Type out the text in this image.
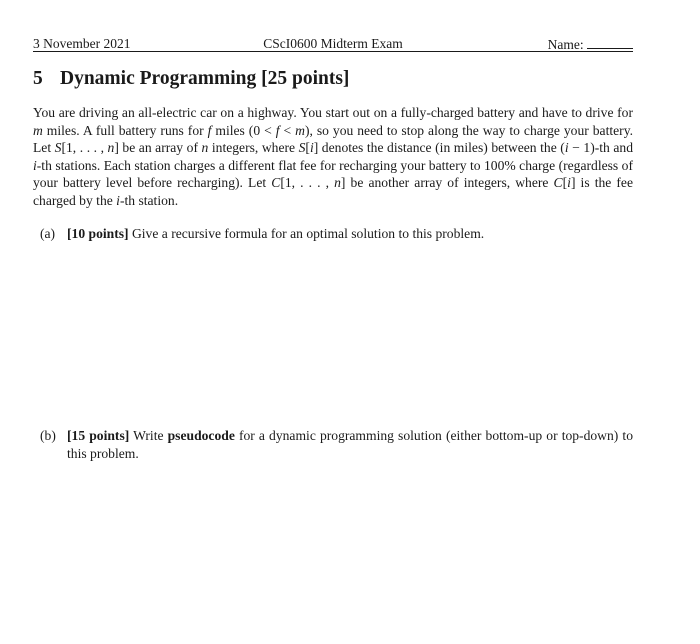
3 November 2021	CScI0600 Midterm Exam	Name:
5 Dynamic Programming [25 points]

You are driving an all-electric car on a highway. You start out on a fully-charged battery and have to drive for m miles. A full battery runs for f miles (0 < f < m), so you need to stop along the way to charge your battery. Let S[1, . . . , n] be an array of n integers, where S[i] denotes the distance (in miles) between the (i − 1)-th and i-th stations. Each station charges a different flat fee for recharging your battery to 100% charge (regardless of your battery level before recharging). Let C[1, . . . , n] be another array of integers, where C[i] is the fee charged by the i-th station.

(a) [10 points] Give a recursive formula for an optimal solution to this problem.
(b) [15 points] Write pseudocode for a dynamic programming solution (either bottom-up or top-down) to this problem.
